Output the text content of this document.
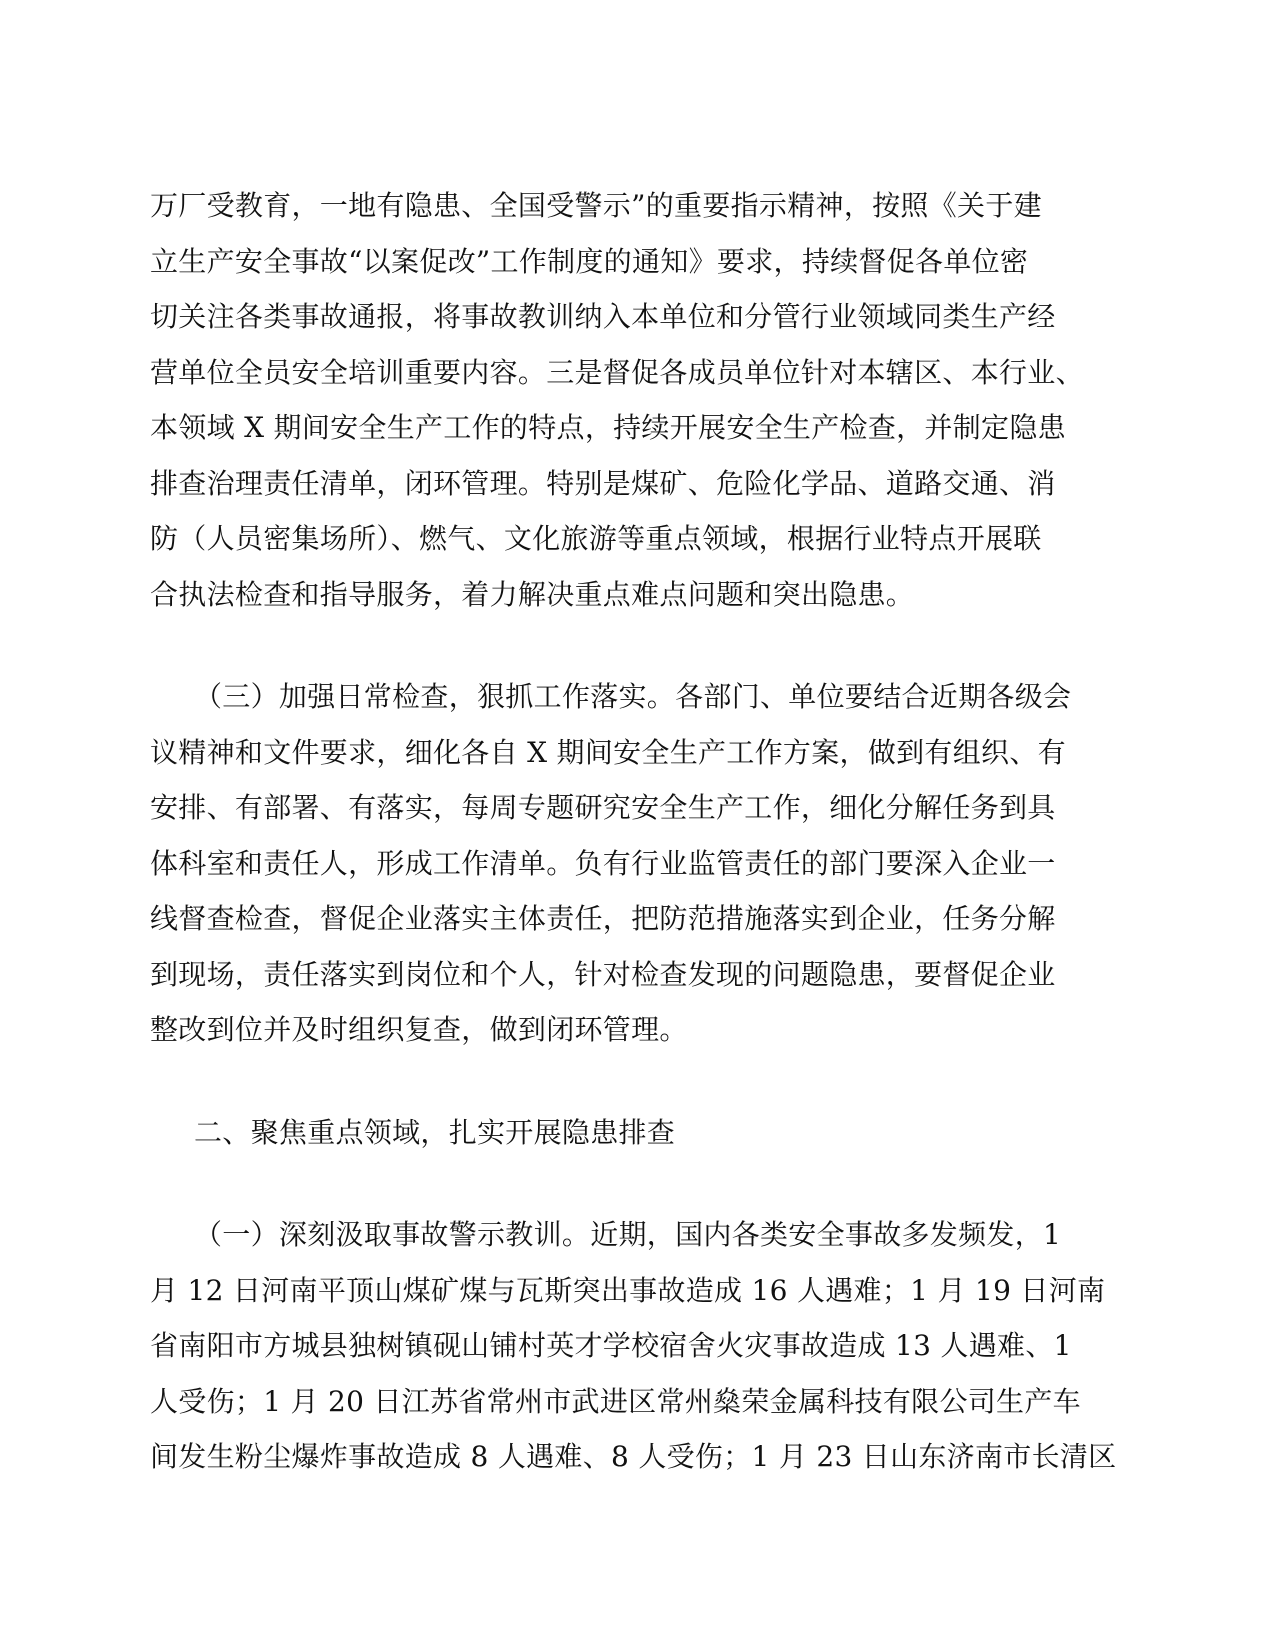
万厂受教育，一地有隐患、全国受警示”的重要指示精神，按照《关于建
立生产安全事故“以案促改”工作制度的通知》要求，持续督促各单位密
切关注各类事故通报，将事故教训纳入本单位和分管行业领域同类生产经
营单位全员安全培训重要内容。三是督促各成员单位针对本辖区、本行业、
本领域 X 期间安全生产工作的特点，持续开展安全生产检查，并制定隐患
排查治理责任清单，闭环管理。特别是煤矿、危险化学品、道路交通、消
防（人员密集场所）、燃气、文化旅游等重点领域，根据行业特点开展联
合执法检查和指导服务，着力解决重点难点问题和突出隐患。

（三）加强日常检查，狠抓工作落实。各部门、单位要结合近期各级会
议精神和文件要求，细化各自 X 期间安全生产工作方案，做到有组织、有
安排、有部署、有落实，每周专题研究安全生产工作，细化分解任务到具
体科室和责任人，形成工作清单。负有行业监管责任的部门要深入企业一
线督查检查，督促企业落实主体责任，把防范措施落实到企业，任务分解
到现场，责任落实到岗位和个人，针对检查发现的问题隐患，要督促企业
整改到位并及时组织复查，做到闭环管理。

二、聚焦重点领域，扎实开展隐患排查

（一）深刻汲取事故警示教训。近期，国内各类安全事故多发频发，1
月 12 日河南平顶山煤矿煤与瓦斯突出事故造成 16 人遇难；1 月 19 日河南
省南阳市方城县独树镇砚山铺村英才学校宿舍火灾事故造成 13 人遇难、1
人受伤；1 月 20 日江苏省常州市武进区常州燊荣金属科技有限公司生产车
间发生粉尘爆炸事故造成 8 人遇难、8 人受伤；1 月 23 日山东济南市长清区
